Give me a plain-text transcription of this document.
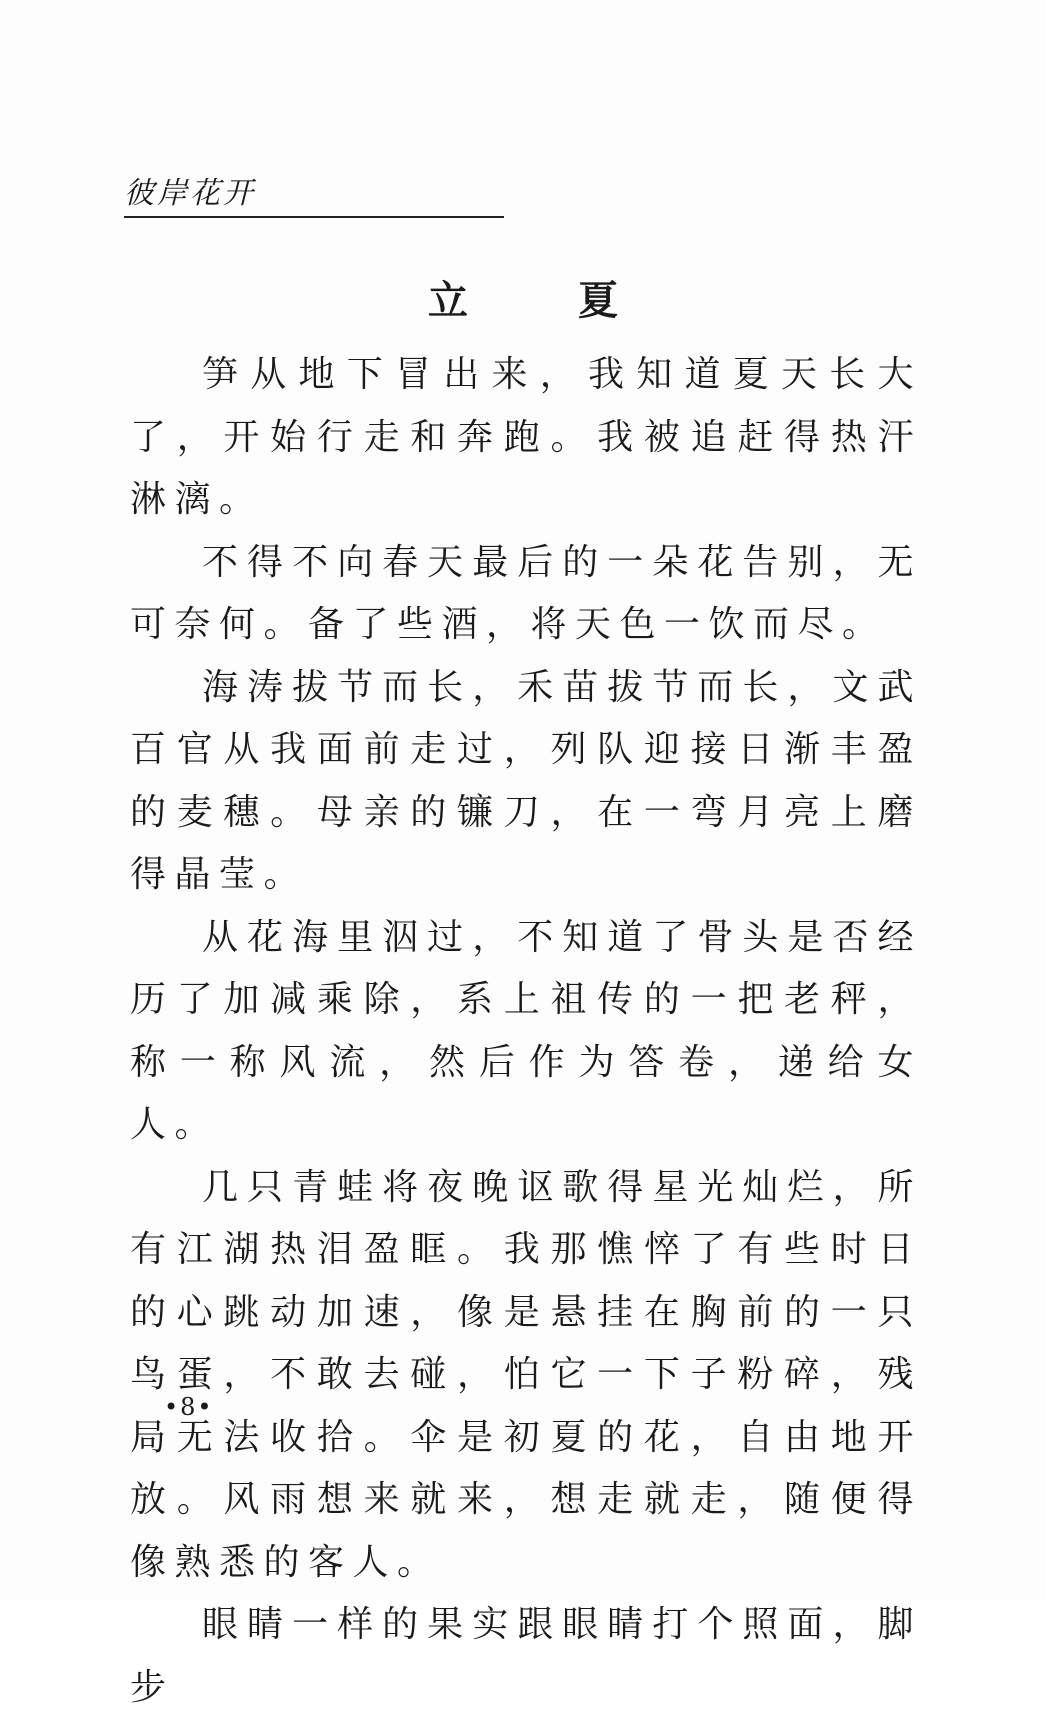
彼岸花开
立 夏

笋从地下冒出来，我知道夏天长大了，开始行走和奔跑。我被追赶得热汗淋漓。

不得不向春天最后的一朵花告别，无可奈何。备了些酒，将天色一饮而尽。

海涛拔节而长，禾苗拔节而长，文武百官从我面前走过，列队迎接日渐丰盈的麦穗。母亲的镰刀，在一弯月亮上磨得晶莹。

从花海里泅过，不知道了骨头是否经历了加减乘除，系上祖传的一把老秤，称一称风流，然后作为答卷，递给女人。

几只青蛙将夜晚讴歌得星光灿烂，所有江湖热泪盈眶。我那憔悴了有些时日的心跳动加速，像是悬挂在胸前的一只鸟蛋，不敢去碰，怕它一下子粉碎，残局无法收拾。伞是初夏的花，自由地开放。风雨想来就来，想走就走，随便得像熟悉的客人。

眼睛一样的果实跟眼睛打个照面，脚步

•8•
